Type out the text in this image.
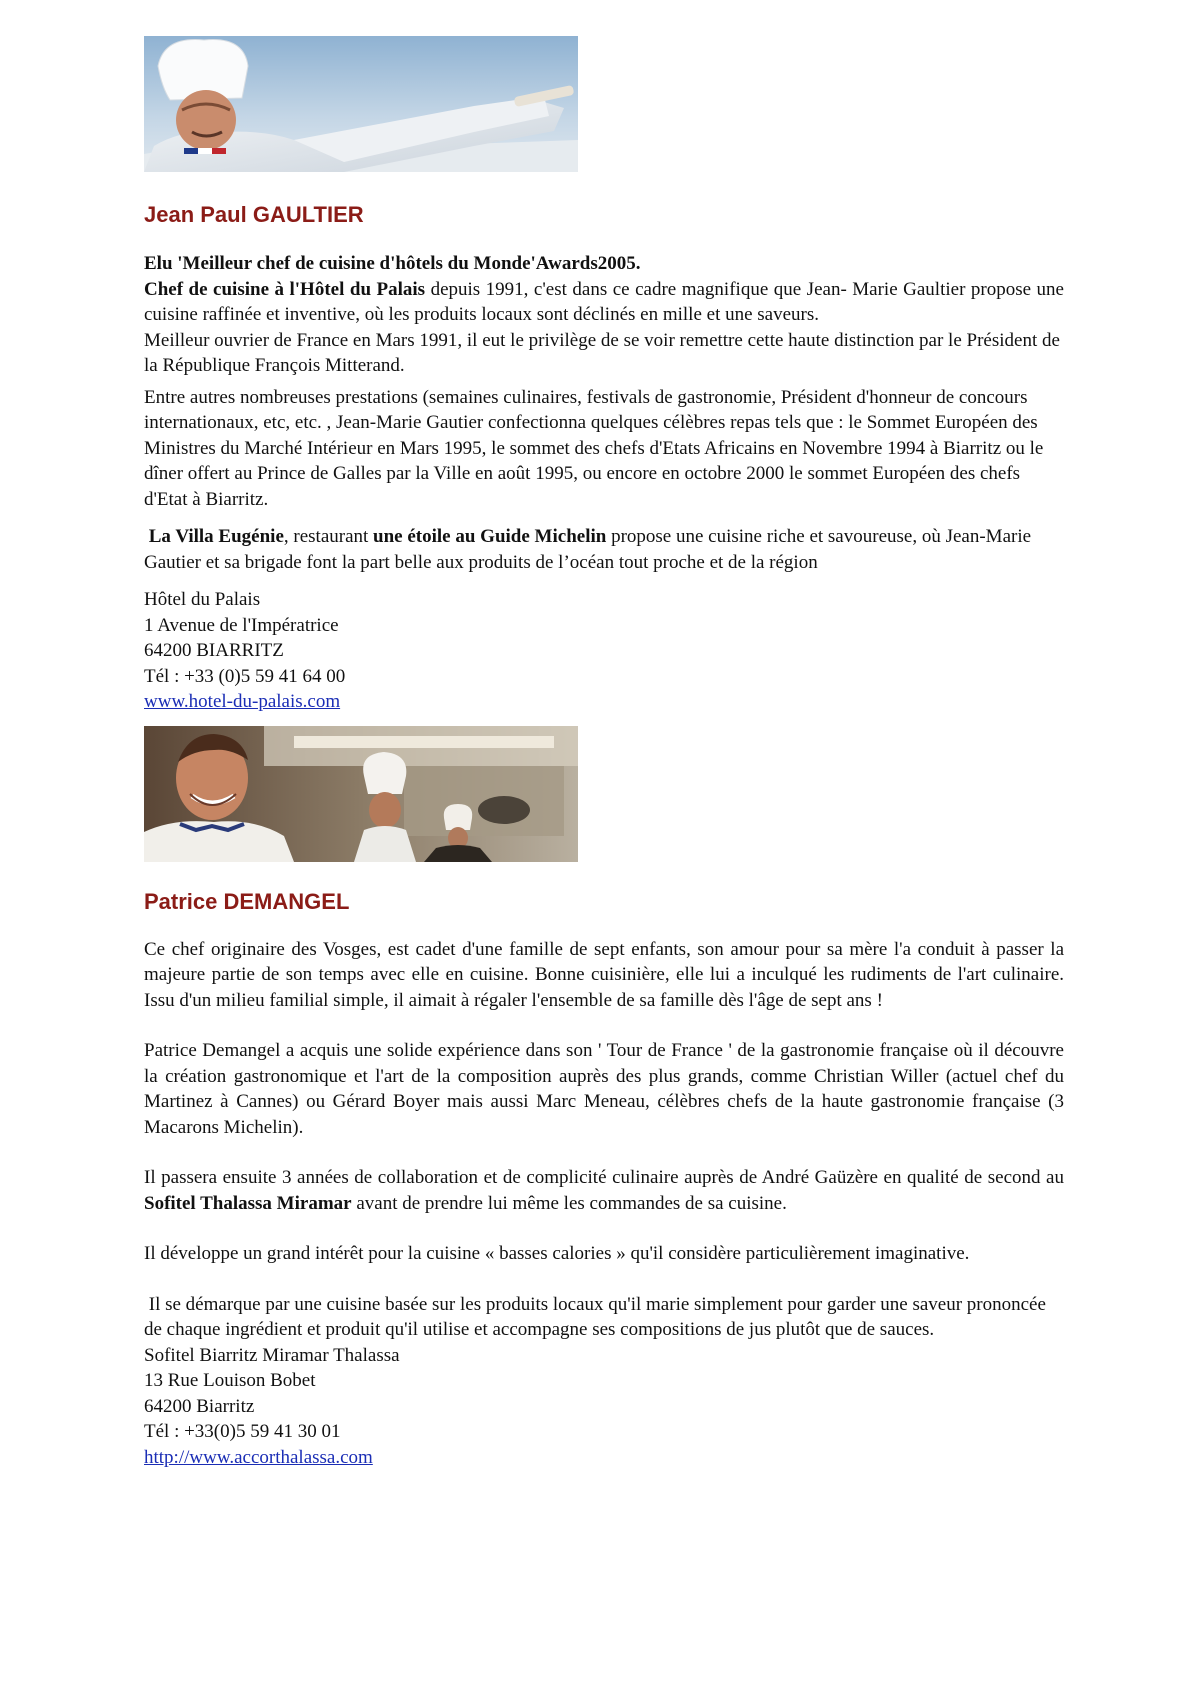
Jean Paul GAULTIER

Elu 'Meilleur chef de cuisine d'hôtels du Monde'Awards2005.

Chef de cuisine à l'Hôtel du Palais depuis 1991, c'est dans ce cadre magnifique que Jean- Marie Gaultier propose une cuisine raffinée et inventive, où les produits locaux sont déclinés en mille et une saveurs.

Meilleur ouvrier de France en Mars 1991, il eut le privilège de se voir remettre cette haute distinction par le Président de la République François Mitterand.

Entre autres nombreuses prestations (semaines culinaires, festivals de gastronomie, Président d'honneur de concours internationaux, etc, etc. , Jean-Marie Gautier confectionna quelques célèbres repas tels que : le Sommet Européen des Ministres du Marché Intérieur en Mars 1995, le sommet des chefs d'Etats Africains en Novembre 1994 à Biarritz ou le dîner offert au Prince de Galles par la Ville en août 1995, ou encore en octobre 2000 le sommet Européen des chefs d'Etat à Biarritz.

La Villa Eugénie, restaurant une étoile au Guide Michelin propose une cuisine riche et savoureuse, où Jean-Marie Gautier et sa brigade font la part belle aux produits de l’océan tout proche et de la région

Hôtel du Palais

1 Avenue de l'Impératrice

64200 BIARRITZ

Tél : +33 (0)5 59 41 64 00

www.hotel-du-palais.com

Patrice DEMANGEL

Ce chef originaire des Vosges, est cadet d'une famille de sept enfants, son amour pour sa mère l'a conduit à passer la majeure partie de son temps avec elle en cuisine. Bonne cuisinière, elle lui a inculqué les rudiments de l'art culinaire. Issu d'un milieu familial simple, il aimait à régaler l'ensemble de sa famille dès l'âge de sept ans !

Patrice Demangel a acquis une solide expérience dans son ' Tour de France ' de la gastronomie française où il découvre la création gastronomique et l'art de la composition auprès des plus grands, comme Christian Willer (actuel chef du Martinez à Cannes) ou Gérard Boyer mais aussi Marc Meneau, célèbres chefs de la haute gastronomie française (3 Macarons Michelin).

Il passera ensuite 3 années de collaboration et de complicité culinaire auprès de André Gaüzère en qualité de second au Sofitel Thalassa Miramar avant de prendre lui même les commandes de sa cuisine.

Il développe un grand intérêt pour la cuisine « basses calories » qu'il considère particulièrement imaginative.

Il se démarque par une cuisine basée sur les produits locaux qu'il marie simplement pour garder une saveur prononcée de chaque ingrédient et produit qu'il utilise et accompagne ses compositions de jus plutôt que de sauces.

Sofitel Biarritz Miramar Thalassa

13 Rue Louison Bobet

64200 Biarritz

Tél : +33(0)5 59 41 30 01

http://www.accorthalassa.com
